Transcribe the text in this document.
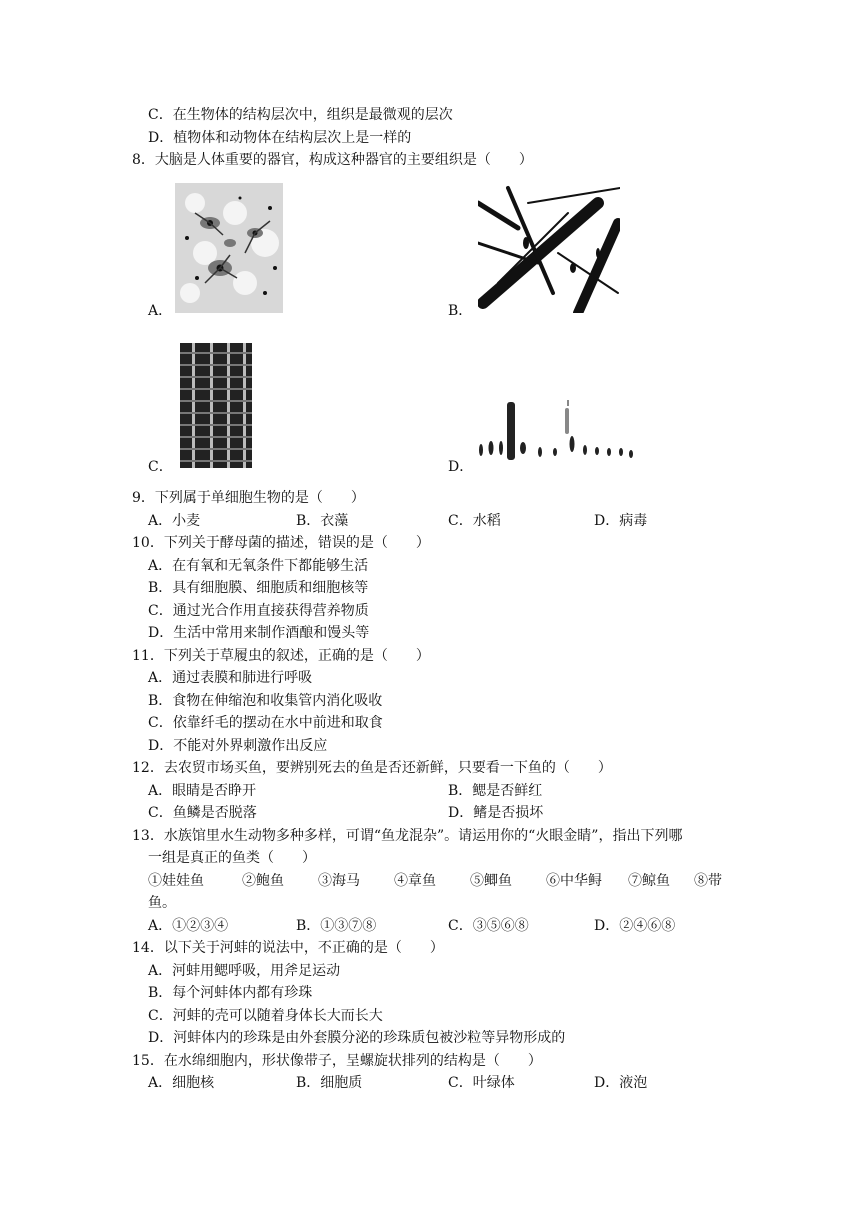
C．在生物体的结构层次中，组织是最微观的层次
D．植物体和动物体在结构层次上是一样的
8．大脑是人体重要的器官，构成这种器官的主要组织是（　　）
A．	B．
C．	D．
9．下列属于单细胞生物的是（　　）
A．小麦	B．衣藻	C．水稻	D．病毒
10．下列关于酵母菌的描述，错误的是（　　）
A．在有氧和无氧条件下都能够生活
B．具有细胞膜、细胞质和细胞核等
C．通过光合作用直接获得营养物质
D．生活中常用来制作酒酿和馒头等
11．下列关于草履虫的叙述，正确的是（　　）
A．通过表膜和肺进行呼吸
B．食物在伸缩泡和收集管内消化吸收
C．依靠纤毛的摆动在水中前进和取食
D．不能对外界刺激作出反应
12．去农贸市场买鱼，要辨别死去的鱼是否还新鲜，只要看一下鱼的（　　）
A．眼睛是否睁开	B．鳃是否鲜红
C．鱼鳞是否脱落	D．鳍是否损坏
13．水族馆里水生动物多种多样，可谓“鱼龙混杂”。请运用你的“火眼金睛”，指出下列哪
一组是真正的鱼类（　　）
①娃娃鱼	②鲍鱼 ③海马 ④章鱼 ⑤鲫鱼 ⑥中华鲟 ⑦鲸鱼 ⑧带
鱼。
A．①②③④	B．①③⑦⑧	C．③⑤⑥⑧	D．②④⑥⑧
14．以下关于河蚌的说法中，不正确的是（　　）
A．河蚌用鳃呼吸，用斧足运动
B．每个河蚌体内都有珍珠
C．河蚌的壳可以随着身体长大而长大
D．河蚌体内的珍珠是由外套膜分泌的珍珠质包被沙粒等异物形成的
15．在水绵细胞内，形状像带子，呈螺旋状排列的结构是（　　）
A．细胞核	B．细胞质	C．叶绿体	D．液泡
